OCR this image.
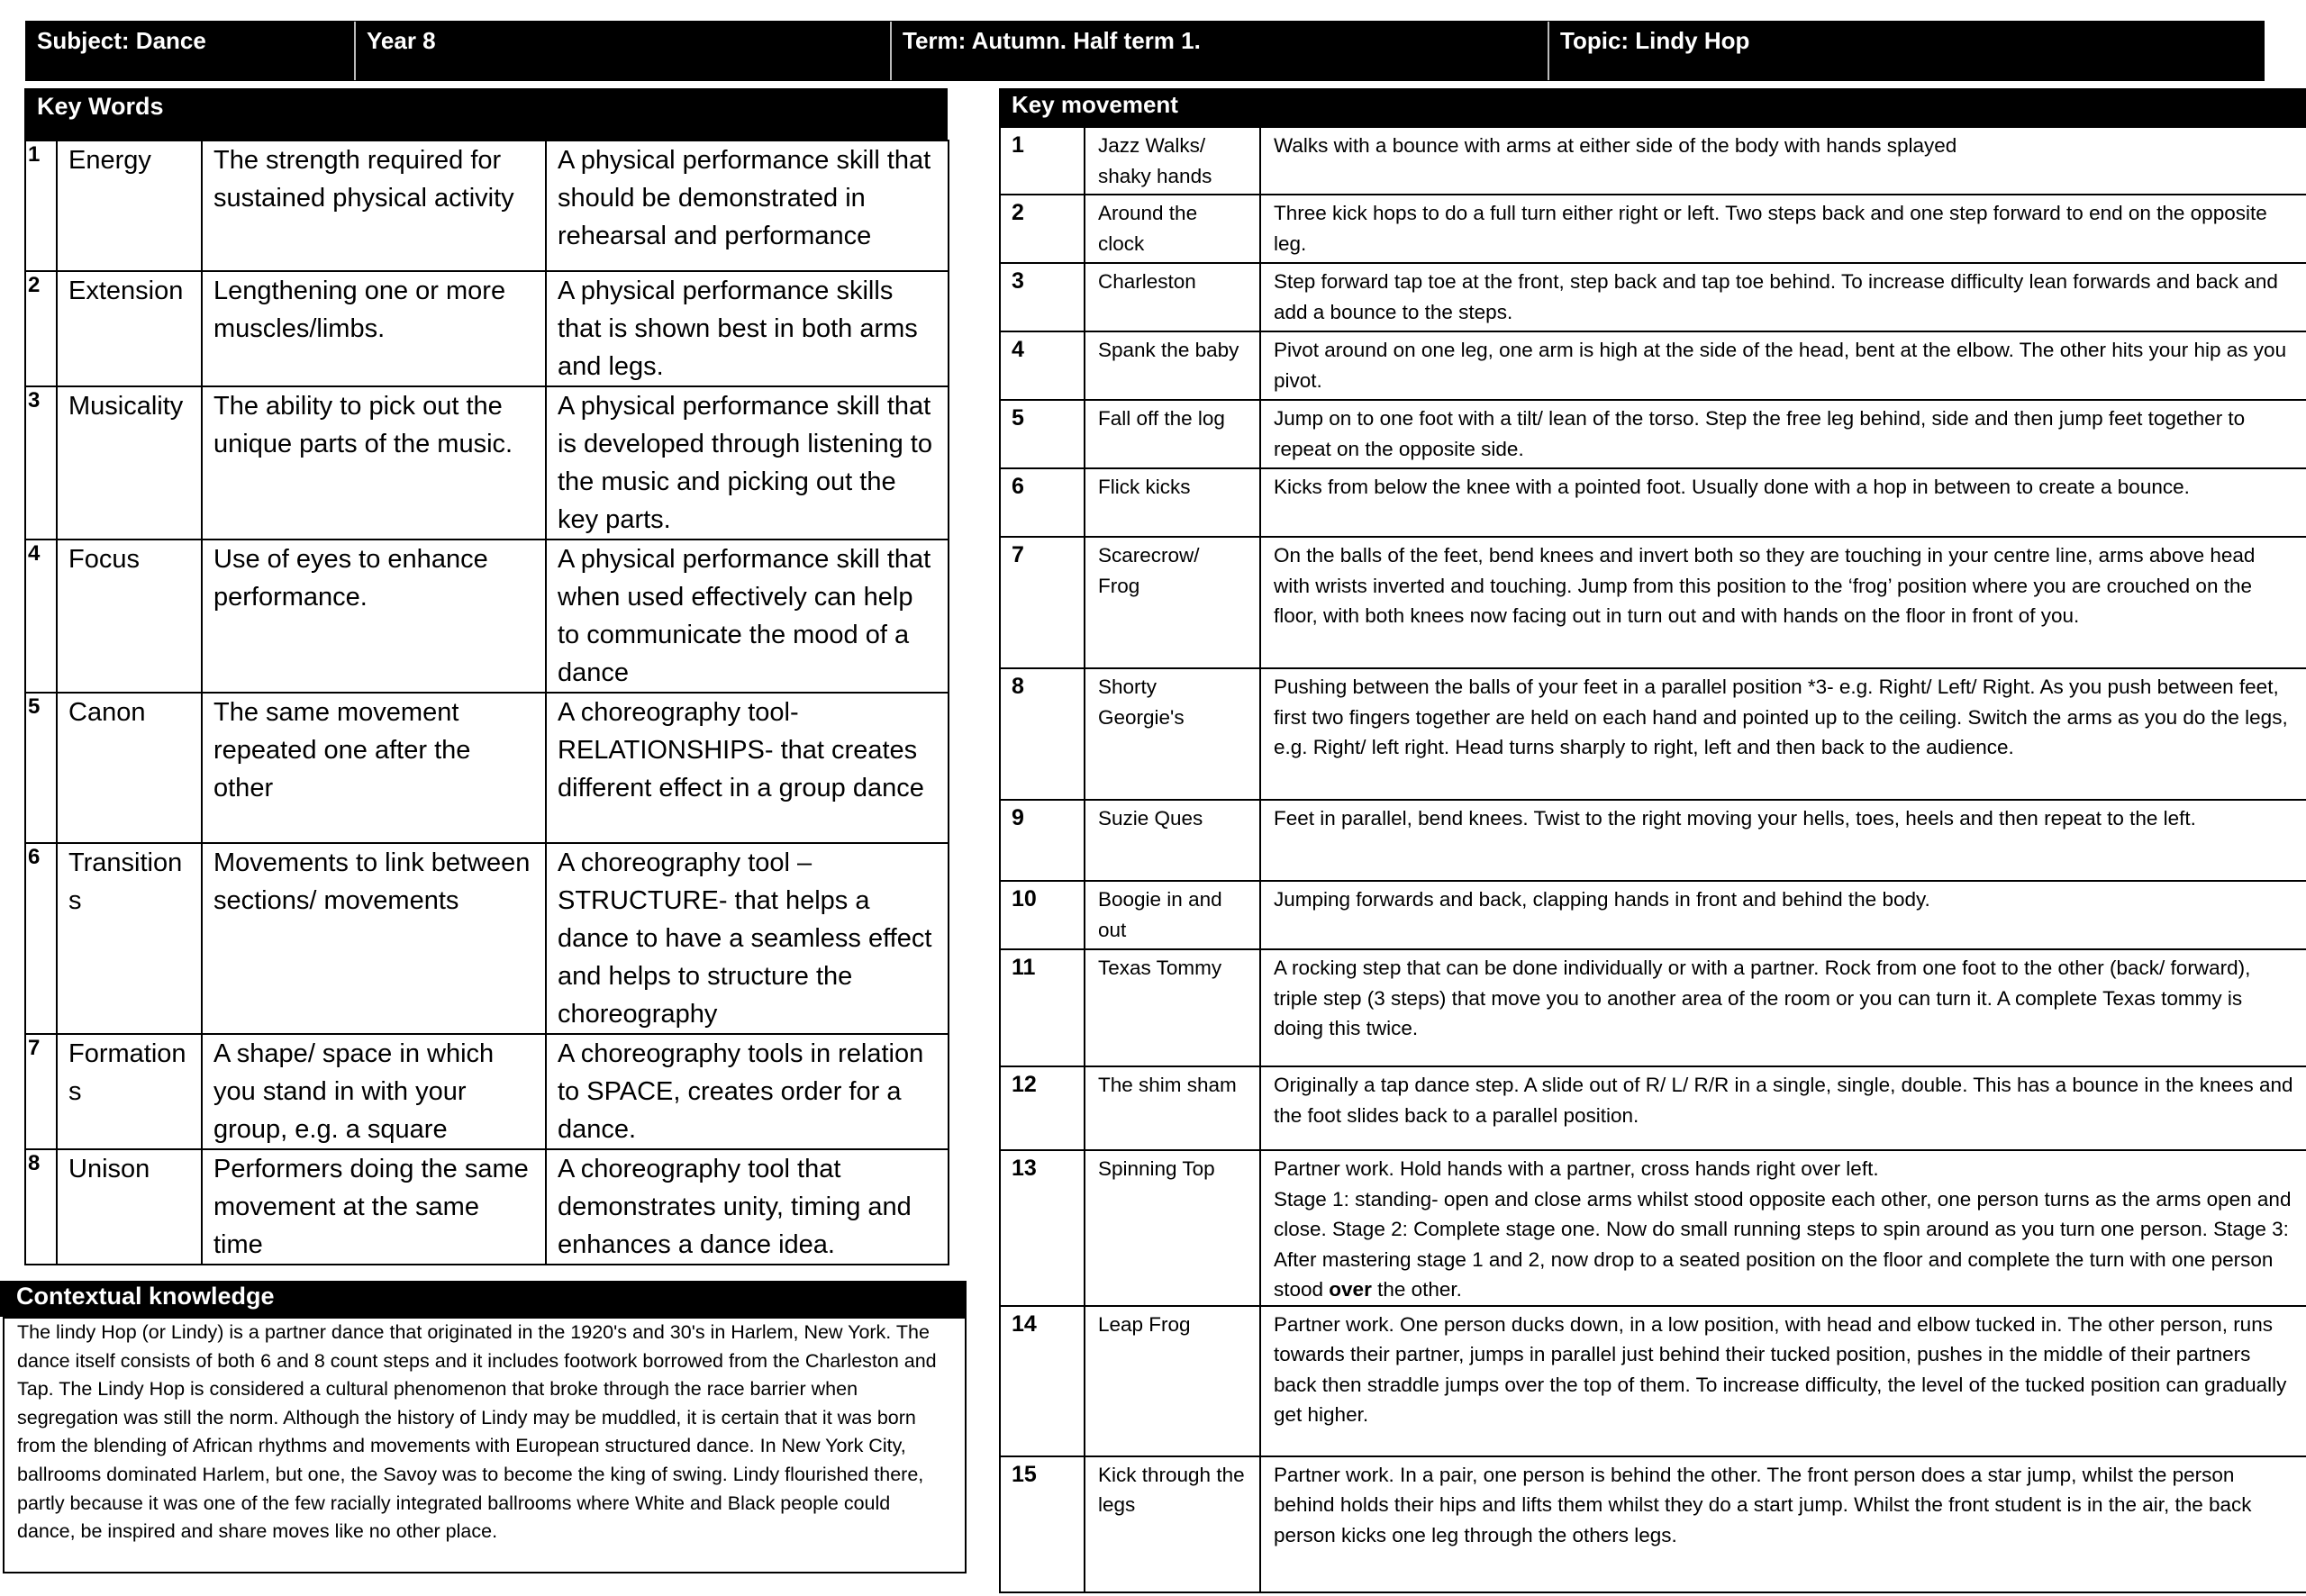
Subject: Dance	Year 8	Term: Autumn. Half term 1.	Topic: Lindy Hop
Key Words
1	Energy	The strength required for sustained physical activity	A physical performance skill that should be demonstrated in rehearsal and performance
2	Extension	Lengthening one or more muscles/limbs.	A physical performance skills that is shown best in both arms and legs.
3	Musicality	The ability to pick out the unique parts of the music.	A physical performance skill that is developed through listening to the music and picking out the key parts.
4	Focus	Use of eyes to enhance performance.	A physical performance skill that when used effectively can help to communicate the mood of a dance
5	Canon	The same movement repeated one after the other	A choreography tool- RELATIONSHIPS- that creates different effect in a group dance
6	Transitions	Movements to link between sections/ movements	A choreography tool – STRUCTURE- that helps a dance to have a seamless effect and helps to structure the choreography
7	Formations	A shape/ space in which you stand in with your group, e.g. a square	A choreography tools in relation to SPACE, creates order for a dance.
8	Unison	Performers doing the same movement at the same time	A choreography tool that demonstrates unity, timing and enhances a dance idea.
Contextual knowledge
The lindy Hop (or Lindy) is a partner dance that originated in the 1920's and 30's in Harlem, New York. The dance itself consists of both 6 and 8 count steps and it includes footwork borrowed from the Charleston and Tap. The Lindy Hop is considered a cultural phenomenon that broke through the race barrier when segregation was still the norm. Although the history of Lindy may be muddled, it is certain that it was born from the blending of African rhythms and movements with European structured dance. In New York City, ballrooms dominated Harlem, but one, the Savoy was to become the king of swing. Lindy flourished there, partly because it was one of the few racially integrated ballrooms where White and Black people could dance, be inspired and share moves like no other place.
Key movement
1	Jazz Walks/ shaky hands	Walks with a bounce with arms at either side of the body with hands splayed
2	Around the clock	Three kick hops to do a full turn either right or left. Two steps back and one step forward to end on the opposite leg.
3	Charleston	Step forward tap toe at the front, step back and tap toe behind. To increase difficulty lean forwards and back and add a bounce to the steps.
4	Spank the baby	Pivot around on one leg, one arm is high at the side of the head, bent at the elbow. The other hits your hip as you pivot.
5	Fall off the log	Jump on to one foot with a tilt/ lean of the torso. Step the free leg behind, side and then jump feet together to repeat on the opposite side.
6	Flick kicks	Kicks from below the knee with a pointed foot. Usually done with a hop in between to create a bounce.
7	Scarecrow/ Frog	On the balls of the feet, bend knees and invert both so they are touching in your centre line, arms above head with wrists inverted and touching. Jump from this position to the ‘frog’ position where you are crouched on the floor, with both knees now facing out in turn out and with hands on the floor in front of you.
8	Shorty Georgie's	Pushing between the balls of your feet in a parallel position *3- e.g. Right/ Left/ Right. As you push between feet, first two fingers together are held on each hand and pointed up to the ceiling. Switch the arms as you do the legs, e.g. Right/ left right. Head turns sharply to right, left and then back to the audience.
9	Suzie Ques	Feet in parallel, bend knees. Twist to the right moving your hells, toes, heels and then repeat to the left.
10	Boogie in and out	Jumping forwards and back, clapping hands in front and behind the body.
11	Texas Tommy	A rocking step that can be done individually or with a partner. Rock from one foot to the other (back/ forward), triple step (3 steps) that move you to another area of the room or you can turn it. A complete Texas tommy is doing this twice.
12	The shim sham	Originally a tap dance step. A slide out of R/ L/ R/R in a single, single, double. This has a bounce in the knees and the foot slides back to a parallel position.
13	Spinning Top	Partner work. Hold hands with a partner, cross hands right over left.
Stage 1: standing- open and close arms whilst stood opposite each other, one person turns as the arms open and close. Stage 2: Complete stage one. Now do small running steps to spin around as you turn one person. Stage 3: After mastering stage 1 and 2, now drop to a seated position on the floor and complete the turn with one person stood over the other.
14	Leap Frog	Partner work. One person ducks down, in a low position, with head and elbow tucked in. The other person, runs towards their partner, jumps in parallel just behind their tucked position, pushes in the middle of their partners back then straddle jumps over the top of them. To increase difficulty, the level of the tucked position can gradually get higher.
15	Kick through the legs	Partner work. In a pair, one person is behind the other. The front person does a star jump, whilst the person behind holds their hips and lifts them whilst they do a start jump. Whilst the front student is in the air, the back person kicks one leg through the others legs.
